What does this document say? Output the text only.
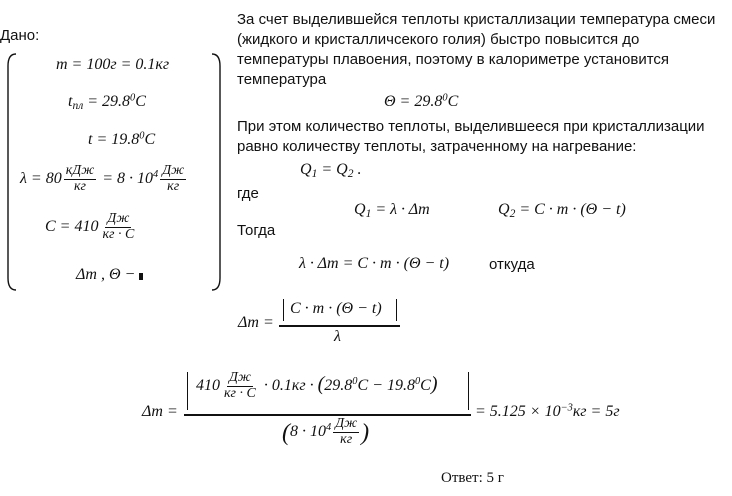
Дано:
m = 100г = 0.1кг
$t_{пл} = 29.8^0C$
$t = 19.8^0C$
$\lambda = 80 \frac{\text{кДж}}{кг} = 8 \cdot 10^4 \frac{Дж}{кг}$
$C = 410 \frac{Дж}{кг \cdot C}$
Δm , Θ −
За счет выделившейся теплоты кристаллизации температура смеси (жидкого и кристалличсекого голия) быстро повысится до температуры плавоения, поэтому в калориметре установится температура
$\Theta = 29.8^0C$
При этом количество теплоты, выделившееся при кристаллизации равно количеству теплоты, затраченному на нагревание:
$Q_1 = Q_2$ .
где
$Q_1 = \lambda \cdot \Delta m$	$Q_2 = C \cdot m \cdot (\Theta - t)$
Тогда
λ · Δm = C · m · (Θ − t)	откуда
Δm =
C · m · (Θ − t)
λ
Δm =
$410 \frac{Дж}{кг \cdot C} \cdot 0.1кг \cdot (29.8^0C - 19.8^0C)$
($8 \cdot 10^4 \frac{Дж}{кг}$ )
= $5.125 \times 10^{-3}кг = 5г$
Ответ: 5 г
